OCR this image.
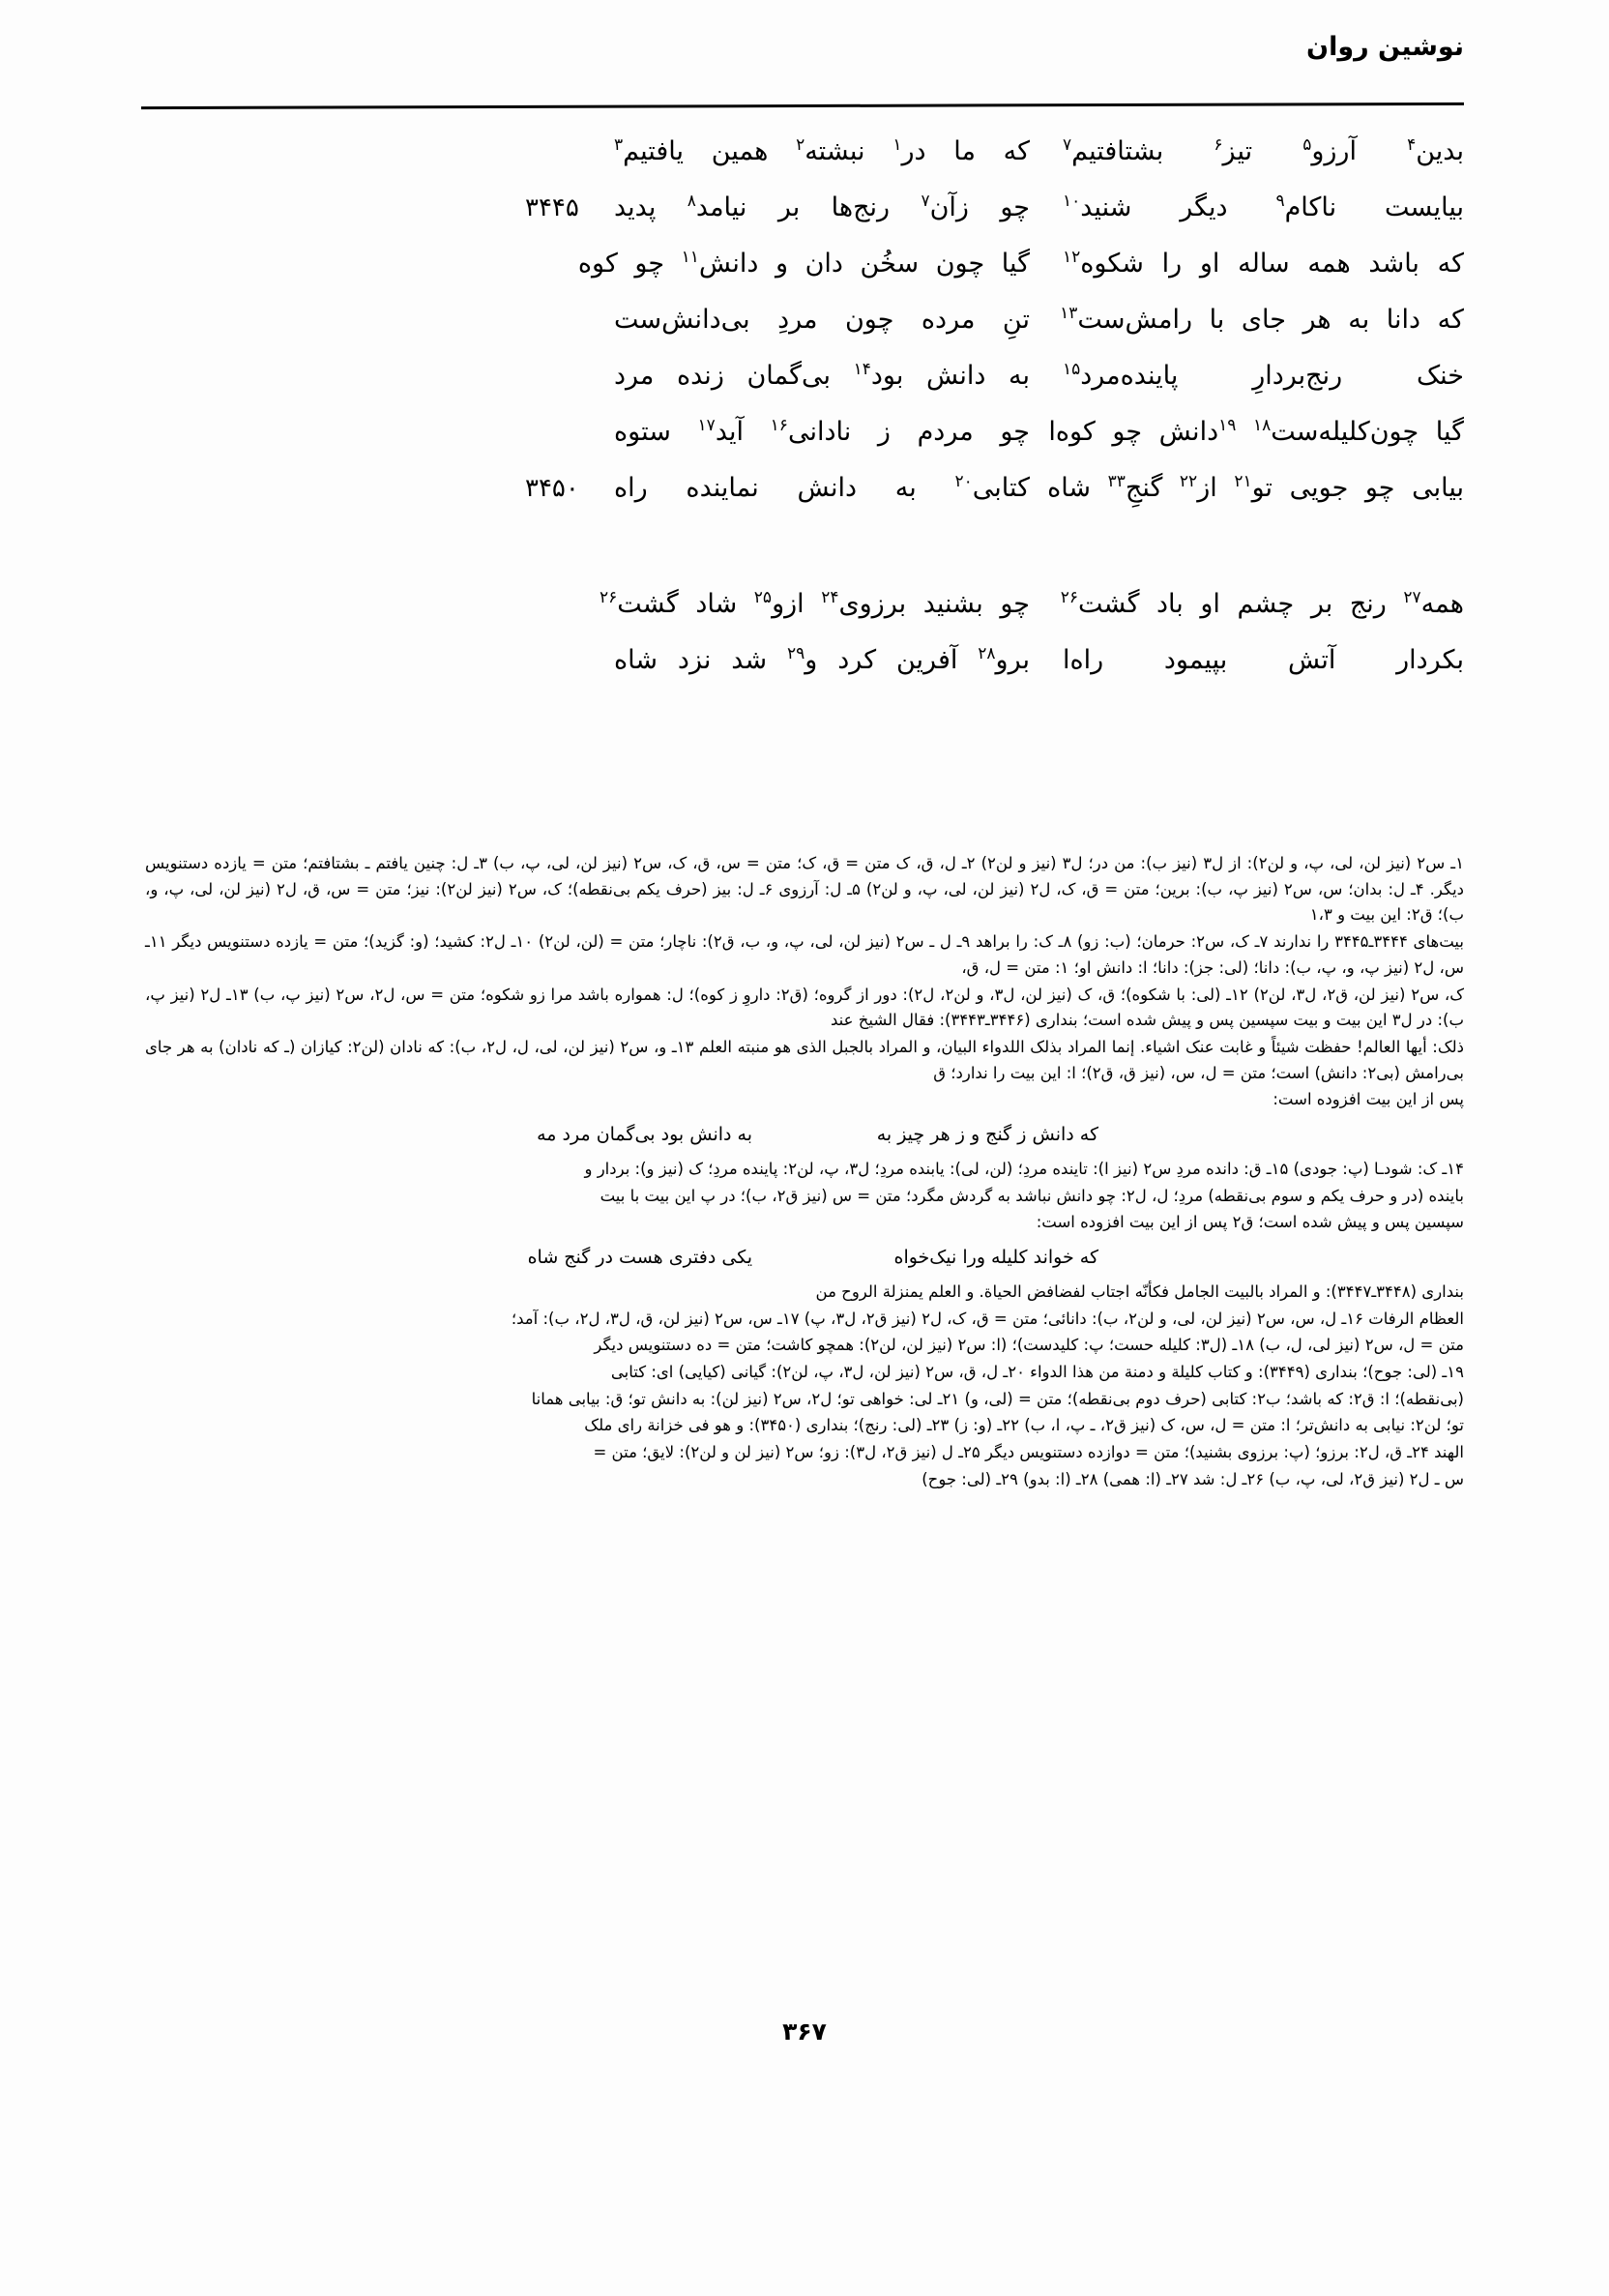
نوشین روان
بدین$^۴$ آرزو$^۵$ تیز$^۶$ بشتافتیم$^۷$
که ما در$^۱$ نبشته$^۲$ همین یافتیم$^۳$
بیایست ناکام$^۹$ دیگر شنید$^{۱۰}$
چو زآن$^۷$ رنج‌ها بر نیامد$^۸$ پدید
۳۴۴۵
که باشد همه ساله او را شکوه$^{۱۲}$
گیا چون سخُن دان و دانش$^{۱۱}$ چو کوه
که دانا به هر جای با رامش‌ست$^{۱۳}$
تنِ مرده چون مردِ بی‌دانش‌ست
خنک رنج‌بردارِ پاینده‌مرد$^{۱۵}$
به دانش بود$^{۱۴}$ بی‌گمان زنده مرد
گیا چون‌کلیله‌ست$^{۱۸}$ $^{۱۹}$دانش چو کوه‌ا
چو مردم ز نادانی$^{۱۶}$ آید$^{۱۷}$ ستوه
بیابی چو جویی تو$^{۲۱}$ از$^{۲۲}$ گنجِ$^{۳۳}$ شاه
کتابی$^{۲۰}$ به دانش نماینده راه
۳۴۵۰
همه$^{۲۷}$ رنج بر چشم او باد گشت$^{۲۶}$
چو بشنید برزوی$^{۲۴}$ ازو$^{۲۵}$ شاد گشت$^{۲۶}$
بکردار آتش بپیمود راه‌ا
برو$^{۲۸}$ آفرین کرد و$^{۲۹}$ شد نزد شاه
۱ـ س۲ (نیز لن، لی، پ، و لن۲): از ل۳ (نیز ب): من در؛ ل۳ (نیز و لن۲) ۲ـ ل، ق، ک متن = ق، ک؛ متن = س، ق، ک، س۲ (نیز لن، لی، پ، ب) ۳ـ ل: چنین یافتم ـ بشتافتم؛ متن = یازده دستنویس دیگر. ۴ـ ل: بدان؛ س، س۲ (نیز پ، ب): برین؛ متن = ق، ک، ل۲ (نیز لن، لی، پ، و لن۲) ۵ـ ل: آرزوی ۶ـ ل: بیز (حرف یکم بی‌نقطه)؛ ک، س۲ (نیز لن۲): نیز؛ متن = س، ق، ل۲ (نیز لن، لی، پ، و، ب)؛ ق۲: این بیت و ۱،۳
بیت‌های ۳۴۴۴ـ۳۴۴۵ را ندارند ۷ـ ک، س۲: حرمان؛ (ب: زو) ۸ـ ک: را براهد ۹ـ ل ـ س۲ (نیز لن، لی، پ، و، ب، ق۲): ناچار؛ متن = (لن، لن۲) ۱۰ـ ل۲: کشید؛ (و: گزید)؛ متن = یازده دستنویس دیگر ۱۱ـ س، ل۲ (نیز پ، و، پ، ب): دانا؛ (لی: جز): دانا؛ ا: دانش او؛ ۱: متن = ل، ق،
ک، س۲ (نیز لن، ق۲، ل۳، لن۲) ۱۲ـ (لی: با شکوه)؛ ق، ک (نیز لن، ل۳، و لن۲، ل۲): دور از گروه؛ (ق۲: داروِ ز کوه)؛ ل: همواره باشد مرا زو شکوه؛ متن = س، ل۲، س۲ (نیز پ، ب) ۱۳ـ ل۲ (نیز پ، ب): در ل۳ این بیت و بیت سپسین پس و پیش شده است؛ بنداری (۳۴۴۶ـ۳۴۴۳): فقال الشیخ عند
ذلک: أیها العالم! حفظت شیئاً و غابت عنک اشیاء. إنما المراد بذلک اللدواء البیان، و المراد بالجبل الذی هو منبته العلم ۱۳ـ و، س۲ (نیز لن، لی، ل، ل۲، ب): که نادان (لن۲: کیازان (ـ که نادان) به هر جای بی‌رامش (بی۲: دانش) است؛ متن = ل، س، (نیز ق، ق۲)؛ ا: این بیت را ندارد؛ ق
پس از این بیت افزوده است:
که دانش ز گنج و ز هر چیز به
به دانش بود بی‌گمان مرد مه
۱۴ـ ک: شودـا (پ: جودی) ۱۵ـ ق: دانده مردِ س۲ (نیز ا): تاینده مردِ؛ (لن، لی): یابنده مردِ؛ ل۳، پ، لن۲: پاینده مردِ؛ ک (نیز و): بردار و
باینده (در و حرف یکم و سوم بی‌نقطه) مردِ؛ ل، ل۲: چو دانش نباشد به گردش مگرد؛ متن = س (نیز ق۲، ب)؛ در پ این بیت با بیت
سپسین پس و پیش شده است؛ ق۲ پس از این بیت افزوده است:
که خواند کلیله ورا نیک‌خواه
یکی دفتری هست در گنج شاه
بنداری (۳۴۴۸ـ۳۴۴۷): و المراد بالبیت الجامل فکأنّه اجتاب لفضافض الحیاة. و العلم یمنزلة الروح من
العظام الرفات ۱۶ـ ل، س، س۲ (نیز لن، لی، و لن۲، ب): دانائی؛ متن = ق، ک، ل۲ (نیز ق۲، ل۳، پ) ۱۷ـ س، س۲ (نیز لن، ق، ل۳، ل۲، ب): آمد؛
متن = ل، س۲ (نیز لی، ل، ب) ۱۸ـ (ل۳: کلیله حست؛ پ: کلیدست)؛ (ا: س۲ (نیز لن، لن۲): همچو کاشت؛ متن = ده دستنویس دیگر
۱۹ـ (لی: جوح)؛ بنداری (۳۴۴۹): و کتاب کلیلة و دمنة من هذا الدواء ۲۰ـ ل، ق، س۲ (نیز لن، ل۳، پ، لن۲): گیانی (کیایی) ای: کتابی
(بی‌نقطه)؛ ا: ق۲: که باشد؛ ب۲: کتابی (حرف دوم بی‌نقطه)؛ متن = (لی، و) ۲۱ـ لی: خواهی تو؛ ل۲، س۲ (نیز لن): به دانش تو؛ ق: بیابی همانا
تو؛ لن۲: نیابی به دانش‌تر؛ ا: متن = ل، س، ک (نیز ق۲، ـ پ، ا، ب) ۲۲ـ (و: ز) ۲۳ـ (لی: رنج)؛ بنداری (۳۴۵۰): و هو فی خزانة رای ملک
الهند ۲۴ـ ق، ل۲: برزو؛ (پ: برزوی بشنید)؛ متن = دوازده دستنویس دیگر ۲۵ـ ل (نیز ق۲، ل۳): زو؛ س۲ (نیز لن و لن۲): لایق؛ متن =
س ـ ل۲ (نیز ق۲، لی، پ، ب) ۲۶ـ ل: شد ۲۷ـ (ا: همی) ۲۸ـ (ا: بدو) ۲۹ـ (لی: جوح)
۳۶۷
